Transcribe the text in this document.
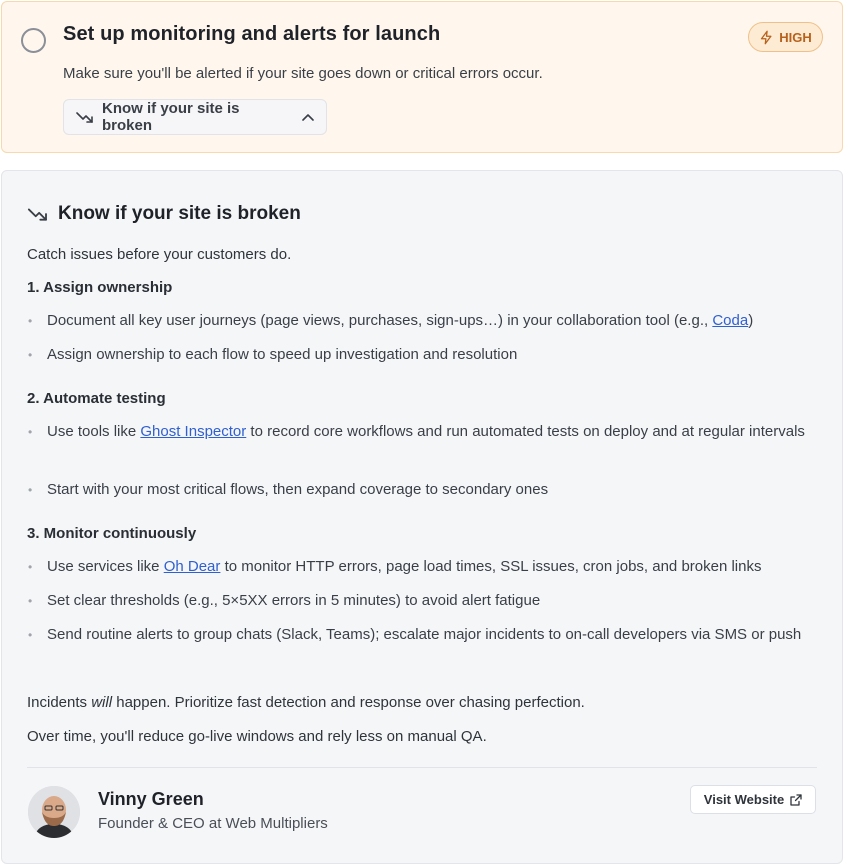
Set up monitoring and alerts for launch	HIGH
Make sure you'll be alerted if your site goes down or critical errors occur.
Know if your site is broken
Know if your site is broken
Catch issues before your customers do.
1. Assign ownership
• Document all key user journeys (page views, purchases, sign-ups…) in your collaboration tool (e.g., Coda)
• Assign ownership to each flow to speed up investigation and resolution
2. Automate testing
• Use tools like Ghost Inspector to record core workflows and run automated tests on deploy and at regular intervals
• Start with your most critical flows, then expand coverage to secondary ones
3. Monitor continuously
• Use services like Oh Dear to monitor HTTP errors, page load times, SSL issues, cron jobs, and broken links
• Set clear thresholds (e.g., 5×5XX errors in 5 minutes) to avoid alert fatigue
• Send routine alerts to group chats (Slack, Teams); escalate major incidents to on-call developers via SMS or push
Incidents will happen. Prioritize fast detection and response over chasing perfection.
Over time, you'll reduce go-live windows and rely less on manual QA.
Vinny Green
Founder & CEO at Web Multipliers
Visit Website
